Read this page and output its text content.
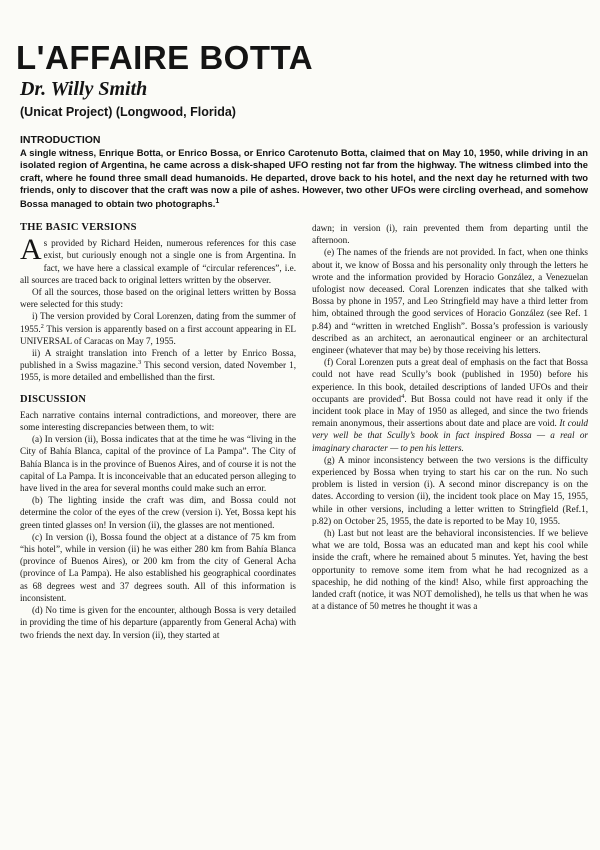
L'AFFAIRE BOTTA
Dr. Willy Smith
(Unicat Project) (Longwood, Florida)
INTRODUCTION
A single witness, Enrique Botta, or Enrico Bossa, or Enrico Carotenuto Botta, claimed that on May 10, 1950, while driving in an isolated region of Argentina, he came across a disk-shaped UFO resting not far from the highway. The witness climbed into the craft, where he found three small dead humanoids. He departed, drove back to his hotel, and the next day he returned with two friends, only to discover that the craft was now a pile of ashes. However, two other UFOs were circling overhead, and somehow Bossa managed to obtain two photographs.$^1$
THE BASIC VERSIONS

As provided by Richard Heiden, numerous references for this case exist, but curiously enough not a single one is from Argentina. In fact, we have here a classical example of “circular references”, i.e. all sources are traced back to original letters written by the observer.

Of all the sources, those based on the original letters written by Bossa were selected for this study:

i) The version provided by Coral Lorenzen, dating from the summer of 1955.$^2$ This version is apparently based on a first account appearing in EL UNIVERSAL of Caracas on May 7, 1955.

ii) A straight translation into French of a letter by Enrico Bossa, published in a Swiss magazine.$^3$ This second version, dated November 1, 1955, is more detailed and embellished than the first.

DISCUSSION

Each narrative contains internal contradictions, and moreover, there are some interesting discrepancies between them, to wit:

(a) In version (ii), Bossa indicates that at the time he was “living in the City of Bahía Blanca, capital of the province of La Pampa”. The City of Bahía Blanca is in the province of Buenos Aires, and of course it is not the capital of La Pampa. It is inconceivable that an educated person alleging to have lived in the area for several months could make such an error.

(b) The lighting inside the craft was dim, and Bossa could not determine the color of the eyes of the crew (version i). Yet, Bossa kept his green tinted glasses on! In version (ii), the glasses are not mentioned.

(c) In version (i), Bossa found the object at a distance of 75 km from “his hotel”, while in version (ii) he was either 280 km from Bahía Blanca (province of Buenos Aires), or 200 km from the city of General Acha (province of La Pampa). He also established his geographical coordinates as 68 degrees west and 37 degrees south. All of this information is inconsistent.

(d) No time is given for the encounter, although Bossa is very detailed in providing the time of his departure (apparently from General Acha) with two friends the next day. In version (ii), they started at

dawn; in version (i), rain prevented them from departing until the afternoon.

(e) The names of the friends are not provided. In fact, when one thinks about it, we know of Bossa and his personality only through the letters he wrote and the information provided by Horacio González, a Venezuelan ufologist now deceased. Coral Lorenzen indicates that she talked with Bossa by phone in 1957, and Leo Stringfield may have a third letter from him, obtained through the good services of Horacio González (see Ref. 1 p.84) and “written in wretched English”. Bossa’s profession is variously described as an architect, an aeronautical engineer or an architectural engineer (whatever that may be) by those receiving his letters.

(f) Coral Lorenzen puts a great deal of emphasis on the fact that Bossa could not have read Scully’s book (published in 1950) before his experience. In this book, detailed descriptions of landed UFOs and their occupants are provided$^4$. But Bossa could not have read it only if the incident took place in May of 1950 as alleged, and since the two friends remain anonymous, their assertions about date and place are void. It could very well be that Scully’s book in fact inspired Bossa — a real or imaginary character — to pen his letters.

(g) A minor inconsistency between the two versions is the difficulty experienced by Bossa when trying to start his car on the run. No such problem is listed in version (i). A second minor discrepancy is on the dates. According to version (ii), the incident took place on May 15, 1955, while in other versions, including a letter written to Stringfield (Ref.1, p.82) on October 25, 1955, the date is reported to be May 10, 1955.

(h) Last but not least are the behavioral inconsistencies. If we believe what we are told, Bossa was an educated man and kept his cool while inside the craft, where he remained about 5 minutes. Yet, having the best opportunity to remove some item from what he had recognized as a spaceship, he did nothing of the kind! Also, while first approaching the landed craft (notice, it was NOT demolished), he tells us that when he was at a distance of 50 metres he thought it was a
